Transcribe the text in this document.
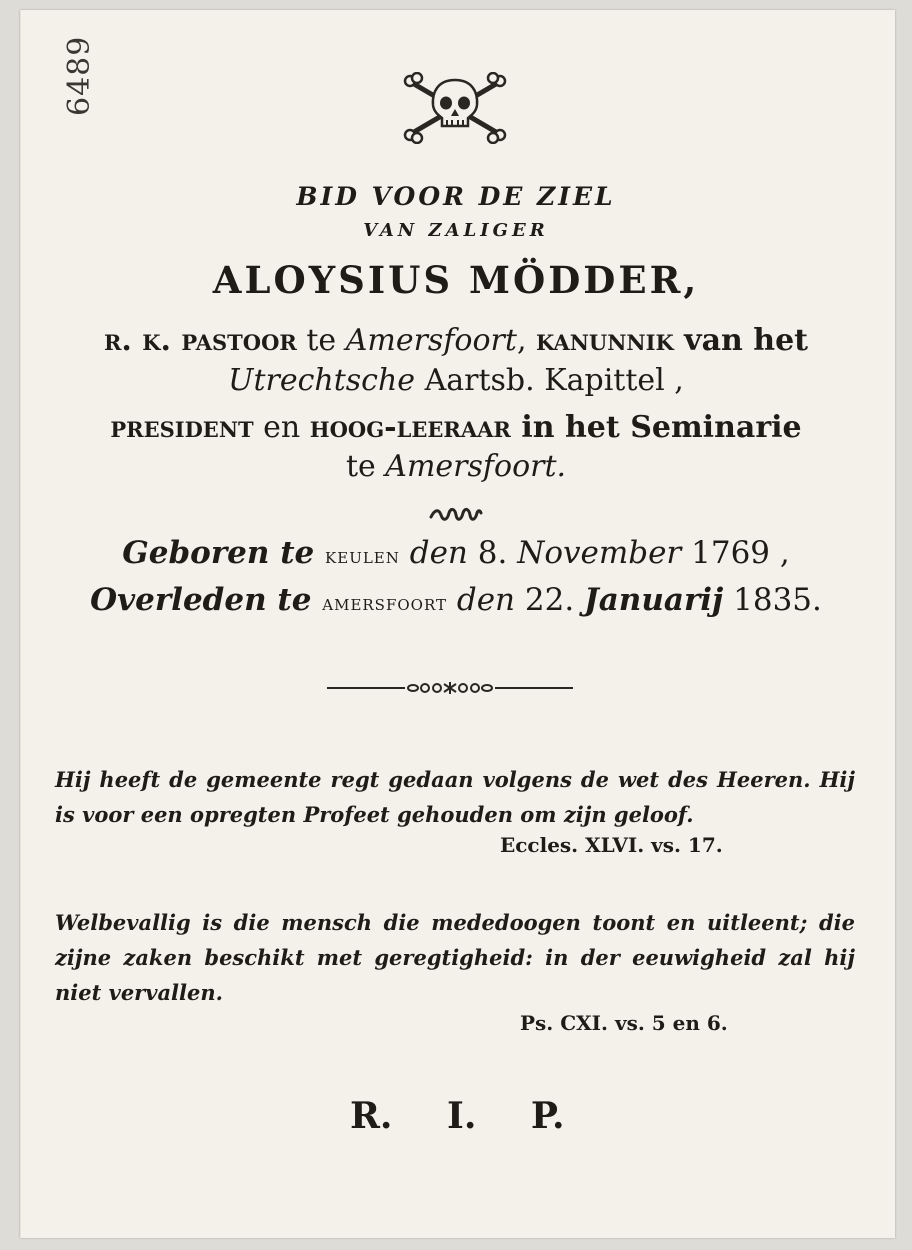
6489
BID VOOR DE ZIEL
VAN ZALIGER
ALOYSIUS MÖDDER,
r. k. pastoor te Amersfoort, kanunnik van het
Utrechtsche Aartsb. Kapittel ,
president en hoog-leeraar in het Seminarie
te Amersfoort.
Geboren te keulen den 8. November 1769 ,
Overleden te amersfoort den 22. Januarij 1835.
Hij heeft de gemeente regt gedaan volgens de wet des Heeren. Hij is voor een opregten Profeet gehouden om zijn geloof.
Eccles. XLVI. vs. 17.
Welbevallig is die mensch die mededoogen toont en uitleent; die zijne zaken beschikt met geregtigheid: in der eeuwigheid zal hij niet vervallen.
Ps. CXI. vs. 5 en 6.
R. I. P.
